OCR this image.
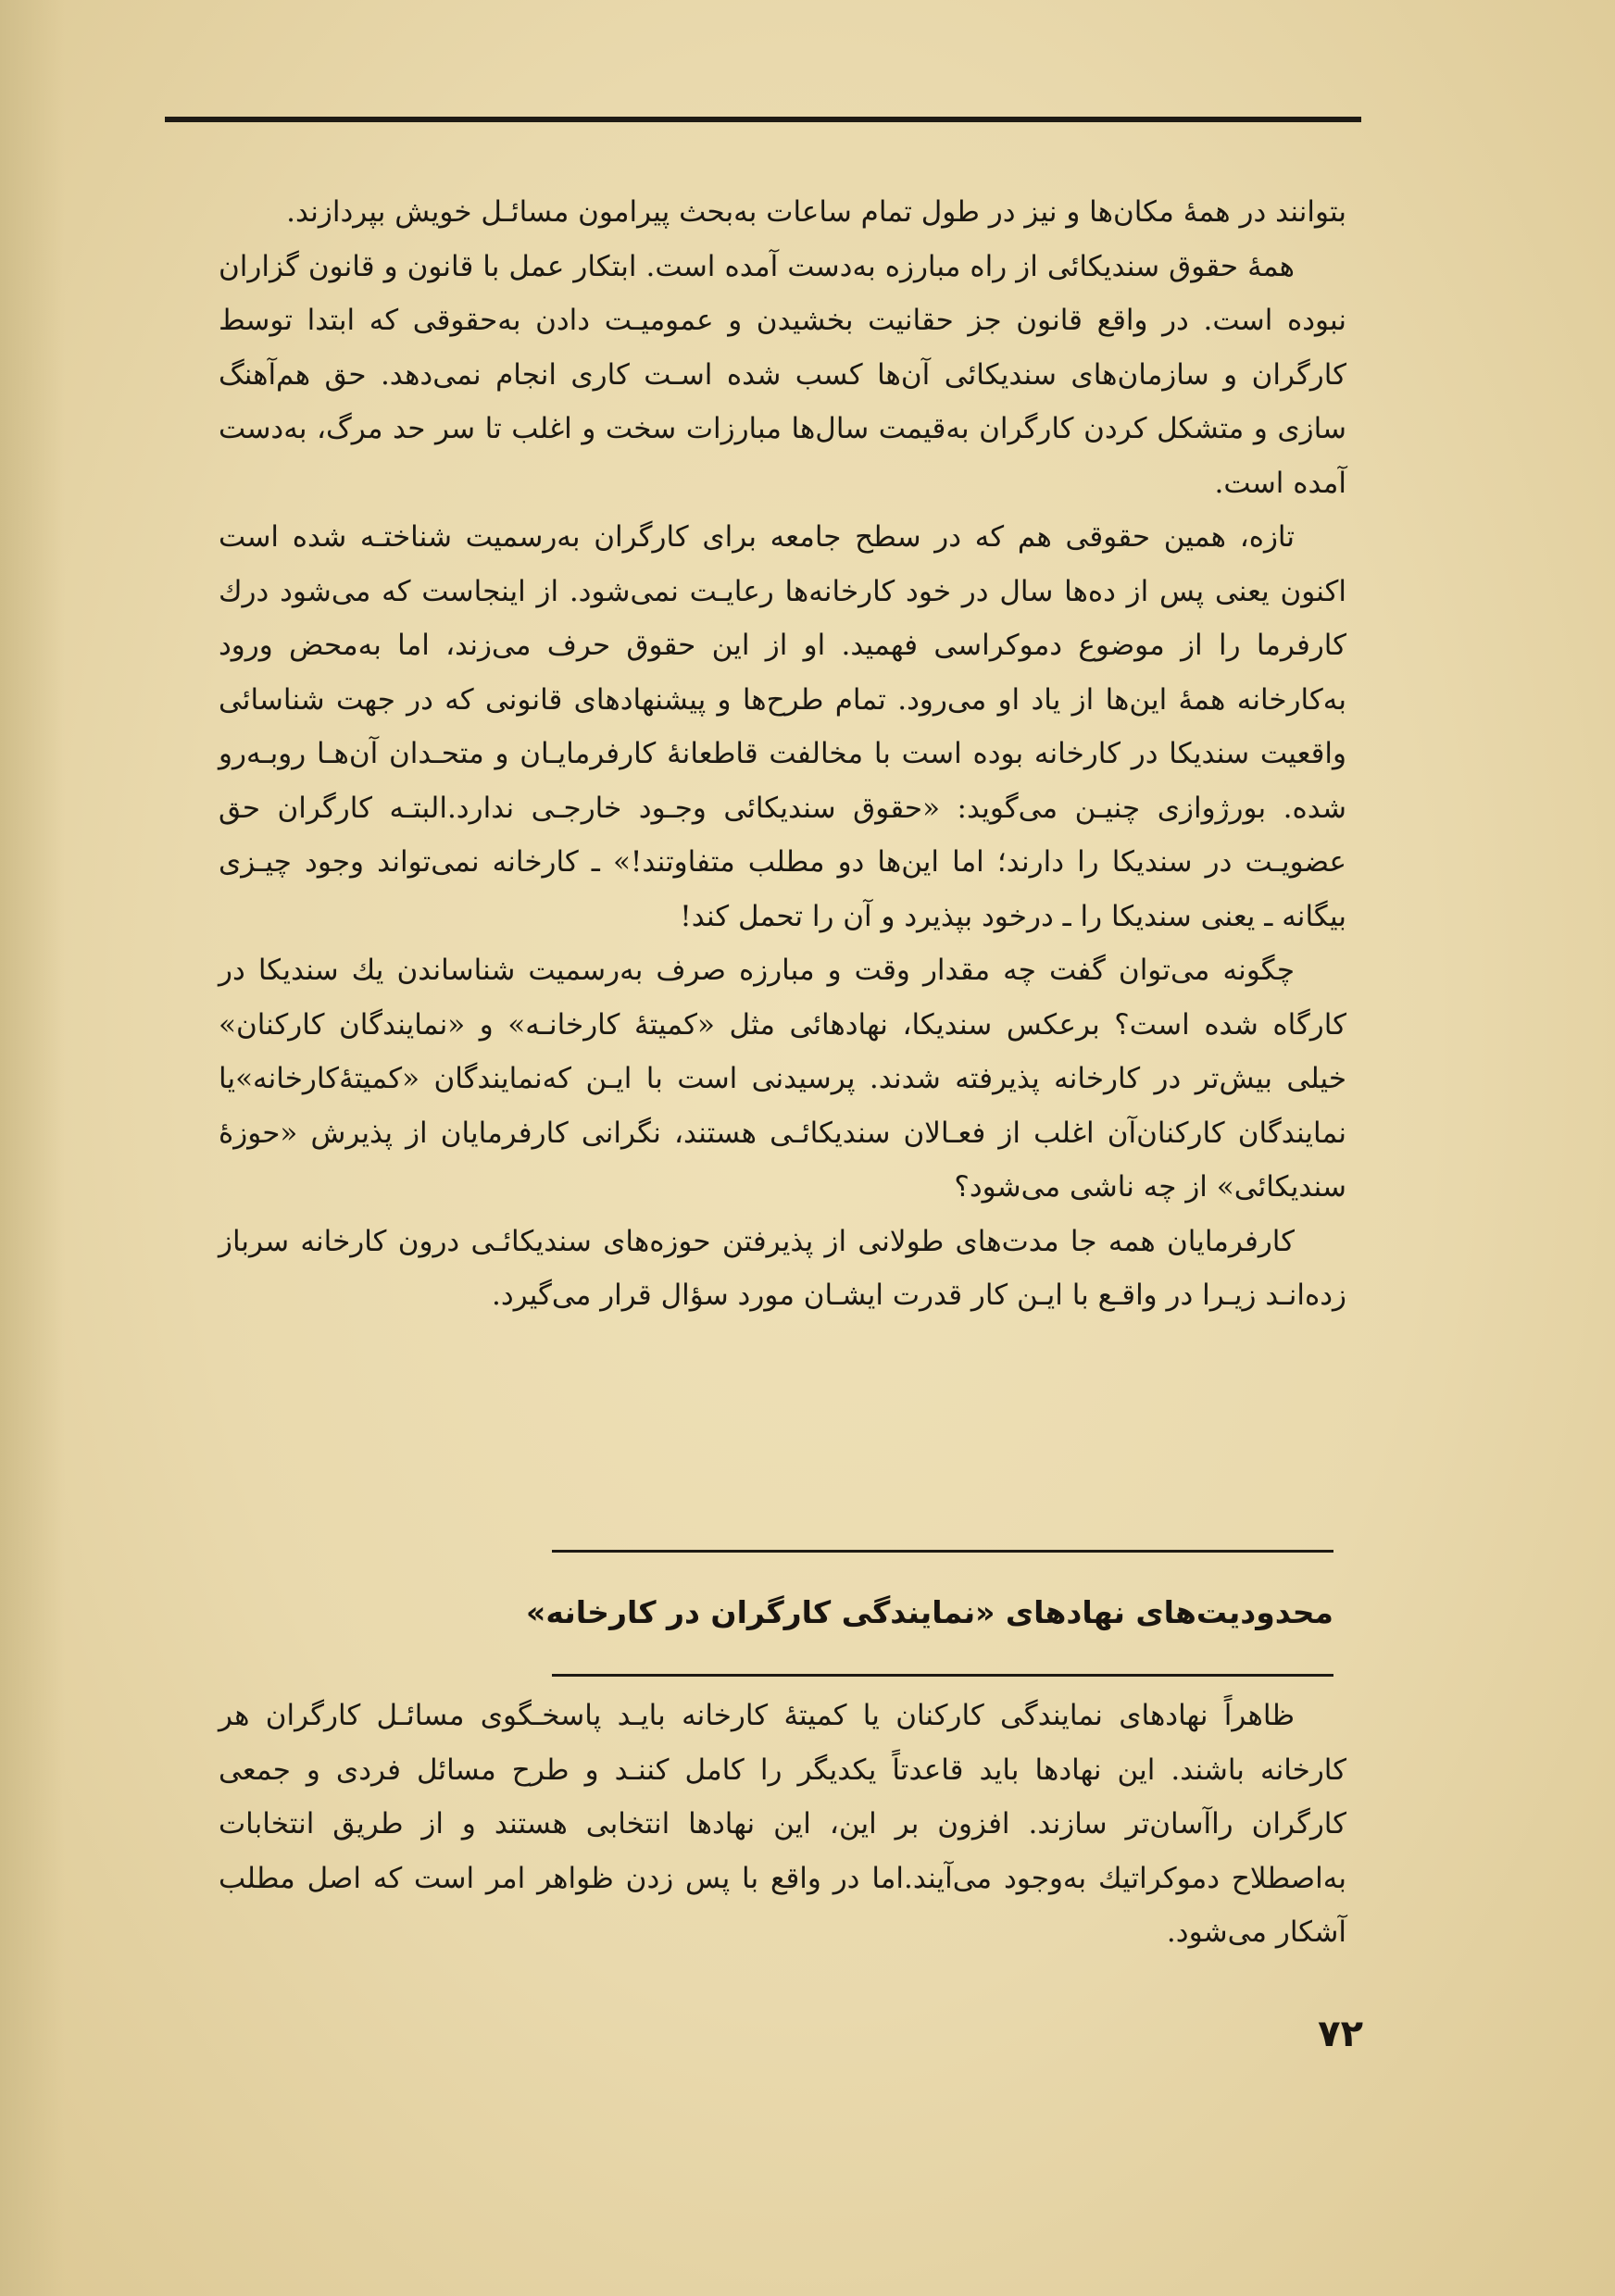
بتوانند در همهٔ مکان‌ها و نیز در طول تمام ساعات به‌بحث پیرامون مسائـل خویش بپردازند.

همهٔ حقوق سندیکائی از راه مبارزه به‌دست آمده است. ابتکار عمل با قانون و قانون گزاران نبوده است. در واقع قانون جز حقانیت بخشیدن و عمومیـت دادن به‌حقوقی که ابتدا توسط کارگران و سازمان‌های سندیکائی آن‌ها کسب شده اسـت کاری انجام نمی‌دهد. حق هم‌آهنگ سازی و متشکل کردن کارگران به‌قیمت سال‌ها مبارزات سخت و اغلب تا سر حد مرگ، به‌دست آمده است.

تازه، همین حقوقی هم که در سطح جامعه برای کارگران به‌رسمیت شناختـه شده است اکنون یعنی پس از ده‌ها سال در خود کارخانه‌ها رعایـت نمی‌شود. از اینجاست که می‌شود درك کارفرما را از موضوع دموکراسی فهمید. او از این حقوق حرف می‌زند، اما به‌محض ورود به‌کارخانه همهٔ این‌ها از یاد او می‌رود. تمام طرح‌ها و پیشنهادهای قانونی که در جهت شناسائی واقعیت سندیکا در کارخانه بوده است با مخالفت قاطعانهٔ کارفرمایـان و متحـدان آن‌هـا روبـه‌رو شده. بورژوازی چنیـن می‌گوید: «حقوق سندیکائی وجـود خارجـی ندارد.البتـه کارگران حق عضویـت در سندیکا را دارند؛ اما این‌ها دو مطلب متفاوتند!» ـ کارخانه نمی‌تواند وجود چیـزی بیگانه ـ یعنی سندیکا را ـ درخود بپذیرد و آن را تحمل کند!

چگونه می‌توان گفت چه مقدار وقت و مبارزه صرف به‌رسمیت شناساندن یك سندیکا در کارگاه شده است؟ برعکس سندیکا، نهادهائی مثل «کمیتهٔ کارخانـه» و «نمایندگان کارکنان» خیلی بیش‌تر در کارخانه پذیرفته شدند. پرسیدنی است با ایـن که‌نمایندگان «کمیتهٔ‌کارخانه»یا نمایندگان کارکنان‌آن اغلب از فعـالان سندیکائـی هستند، نگرانی کارفرمایان از پذیرش «حوزهٔ سندیکائی» از چه ناشی می‌شود؟

کارفرمایان همه جا مدت‌های طولانی از پذیرفتن حوزه‌های سندیکائـی درون کارخانه سرباز زده‌انـد زیـرا در واقـع با ایـن کار قدرت ایشـان مورد سؤال قرار می‌گیرد.

محدودیت‌های نهادهای «نمایندگی کارگران در کارخانه»

ظاهراً نهادهای نمایندگی کارکنان یا کمیتهٔ کارخانه بایـد پاسخـگوی مسائـل کارگران هر کارخانه باشند. این نهادها باید قاعدتاً یکدیگر را کامل کننـد و طرح مسائل فردی و جمعی کارگران راآسان‌تر سازند. افزون بر این، این نهادها انتخابی هستند و از طریق انتخابات به‌اصطلاح دموکراتیك به‌وجود می‌آیند.اما در واقع با پس زدن ظواهر امر است که اصل مطلب آشکار می‌شود.

۷۲
